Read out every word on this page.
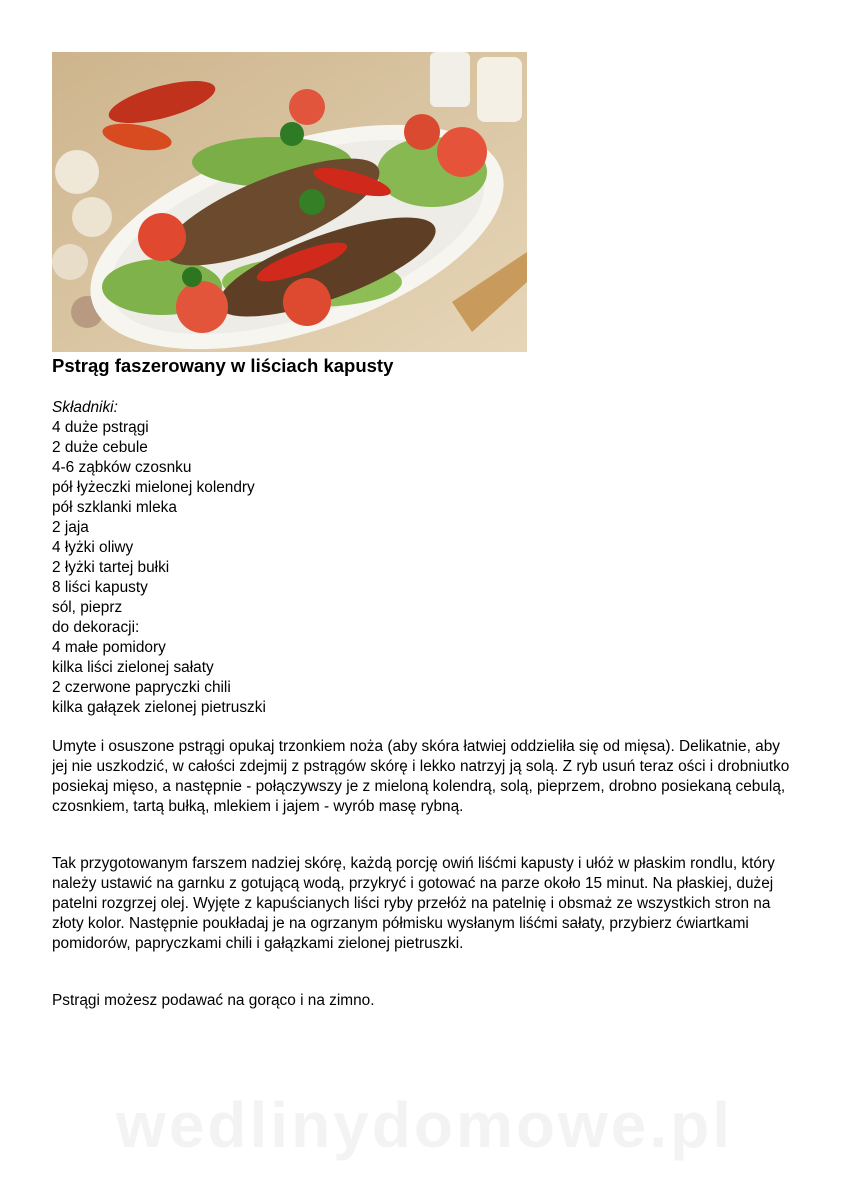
Pstrąg faszerowany w liściach kapusty
Składniki:
4 duże pstrągi
2 duże cebule
4-6 ząbków czosnku
pół łyżeczki mielonej kolendry
pół szklanki mleka
2 jaja
4 łyżki oliwy
2 łyżki tartej bułki
8 liści kapusty
sól, pieprz
do dekoracji:
4 małe pomidory
kilka liści zielonej sałaty
2 czerwone papryczki chili
kilka gałązek zielonej pietruszki

Umyte i osuszone pstrągi opukaj trzonkiem noża (aby skóra łatwiej oddzieliła się od mięsa). Delikatnie, aby jej nie uszkodzić, w całości zdejmij z pstrągów skórę i lekko natrzyj ją solą. Z ryb usuń teraz ości i drobniutko posiekaj mięso, a następnie - połączywszy je z mieloną kolendrą, solą, pieprzem, drobno posiekaną cebulą, czosnkiem, tartą bułką, mlekiem i jajem - wyrób masę rybną.

Tak przygotowanym farszem nadziej skórę, każdą porcję owiń liśćmi kapusty i ułóż w płaskim rondlu, który należy ustawić na garnku z gotującą wodą, przykryć i gotować na parze około 15 minut. Na płaskiej, dużej patelni rozgrzej olej. Wyjęte z kapuścianych liści ryby przełóż na patelnię i obsmaż ze wszystkich stron na złoty kolor. Następnie poukładaj je na ogrzanym półmisku wysłanym liśćmi sałaty, przybierz ćwiartkami pomidorów, papryczkami chili i gałązkami zielonej pietruszki.

Pstrągi możesz podawać na gorąco i na zimno.

wedlinydomowe.pl
